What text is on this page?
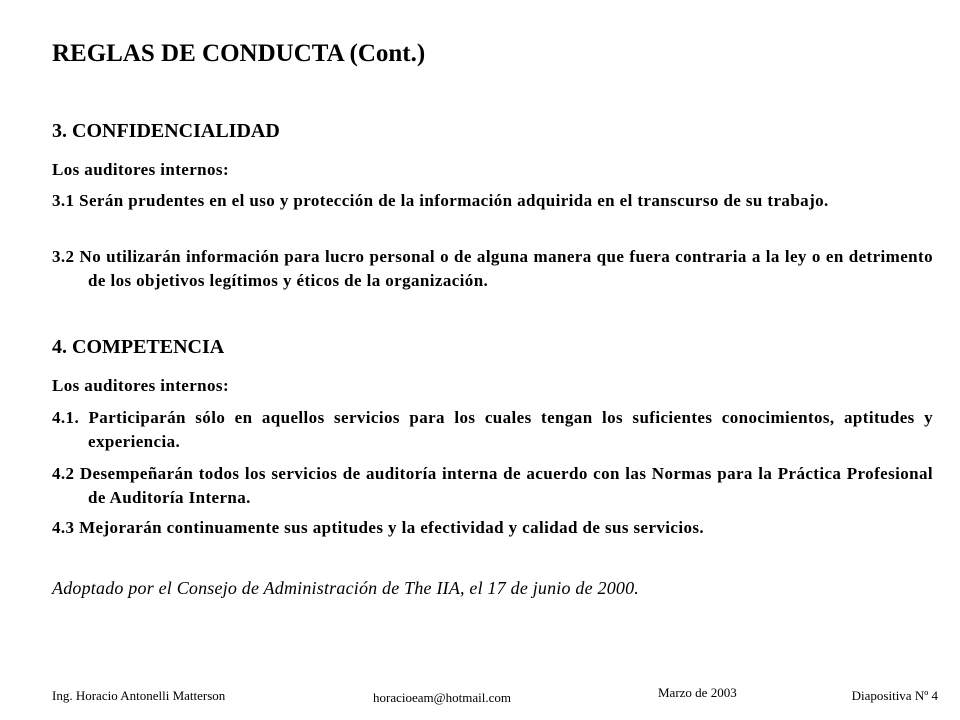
REGLAS DE CONDUCTA (Cont.)
3. CONFIDENCIALIDAD

Los auditores internos:

3.1 Serán prudentes en el uso y protección de la información adquirida en el transcurso de su trabajo.

3.2 No utilizarán información para lucro personal o de alguna manera que fuera contraria a la ley o en detrimento de los objetivos legítimos y éticos de la organización.

4. COMPETENCIA

Los auditores internos:

4.1. Participarán sólo en aquellos servicios para los cuales tengan los suficientes conocimientos, aptitudes y experiencia.

4.2 Desempeñarán todos los servicios de auditoría interna de acuerdo con las Normas para la Práctica Profesional de Auditoría Interna.

4.3 Mejorarán continuamente sus aptitudes y la efectividad y calidad de sus servicios.

Adoptado por el Consejo de Administración de The IIA, el 17 de junio de 2000.

Ing. Horacio Antonelli Matterson	horacioeam@hotmail.com	Marzo de 2003	Diapositiva Nº 4
